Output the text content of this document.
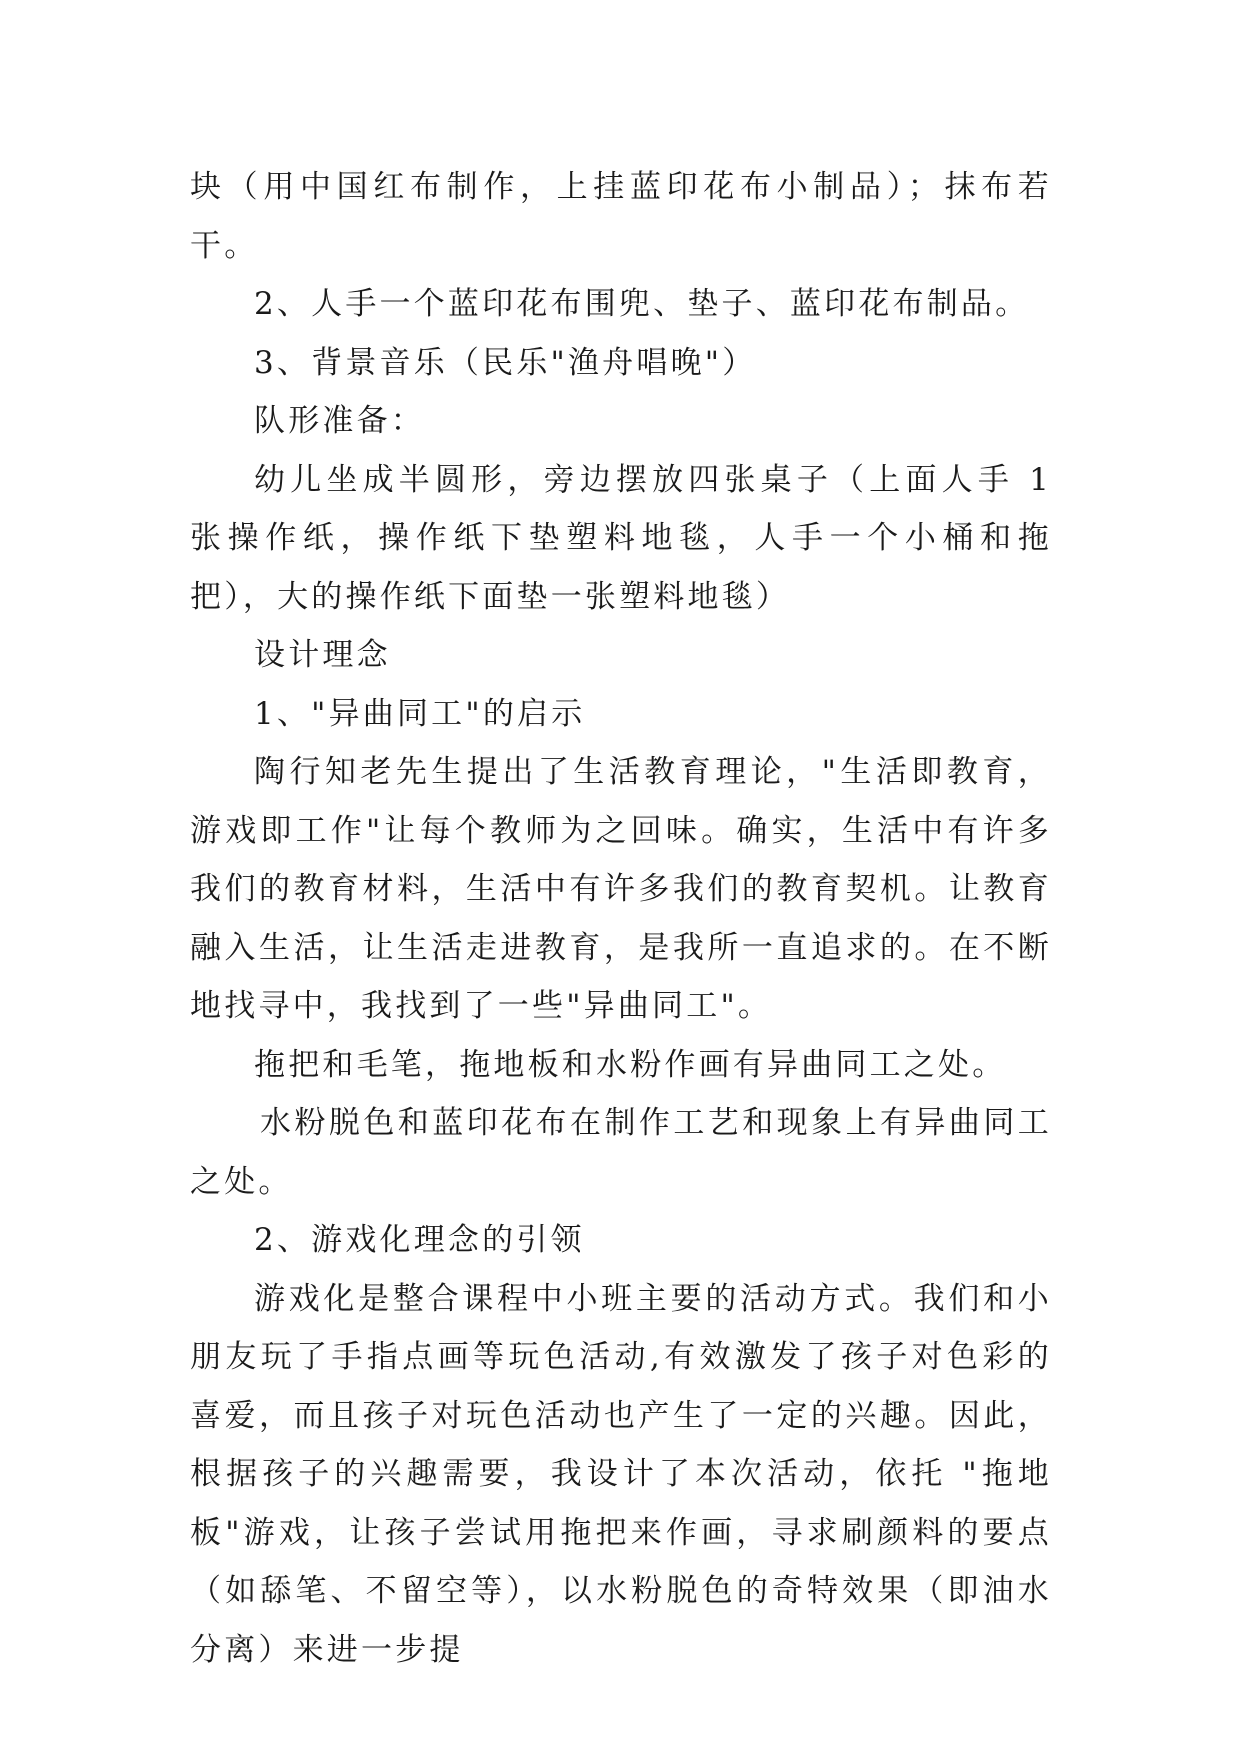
块（用中国红布制作，上挂蓝印花布小制品）；抹布若干。

2、人手一个蓝印花布围兜、垫子、蓝印花布制品。

3、背景音乐（民乐"渔舟唱晚"）

队形准备：

幼儿坐成半圆形，旁边摆放四张桌子（上面人手 1 张操作纸，操作纸下垫塑料地毯，人手一个小桶和拖把），大的操作纸下面垫一张塑料地毯）

设计理念

1、"异曲同工"的启示

陶行知老先生提出了生活教育理论，"生活即教育，游戏即工作"让每个教师为之回味。确实，生活中有许多我们的教育材料，生活中有许多我们的教育契机。让教育融入生活，让生活走进教育，是我所一直追求的。在不断地找寻中，我找到了一些"异曲同工"。

拖把和毛笔，拖地板和水粉作画有异曲同工之处。

水粉脱色和蓝印花布在制作工艺和现象上有异曲同工之处。

2、游戏化理念的引领

游戏化是整合课程中小班主要的活动方式。我们和小朋友玩了手指点画等玩色活动,有效激发了孩子对色彩的喜爱，而且孩子对玩色活动也产生了一定的兴趣。因此，根据孩子的兴趣需要，我设计了本次活动，依托 "拖地板"游戏，让孩子尝试用拖把来作画，寻求刷颜料的要点（如舔笔、不留空等），以水粉脱色的奇特效果（即油水分离）来进一步提
